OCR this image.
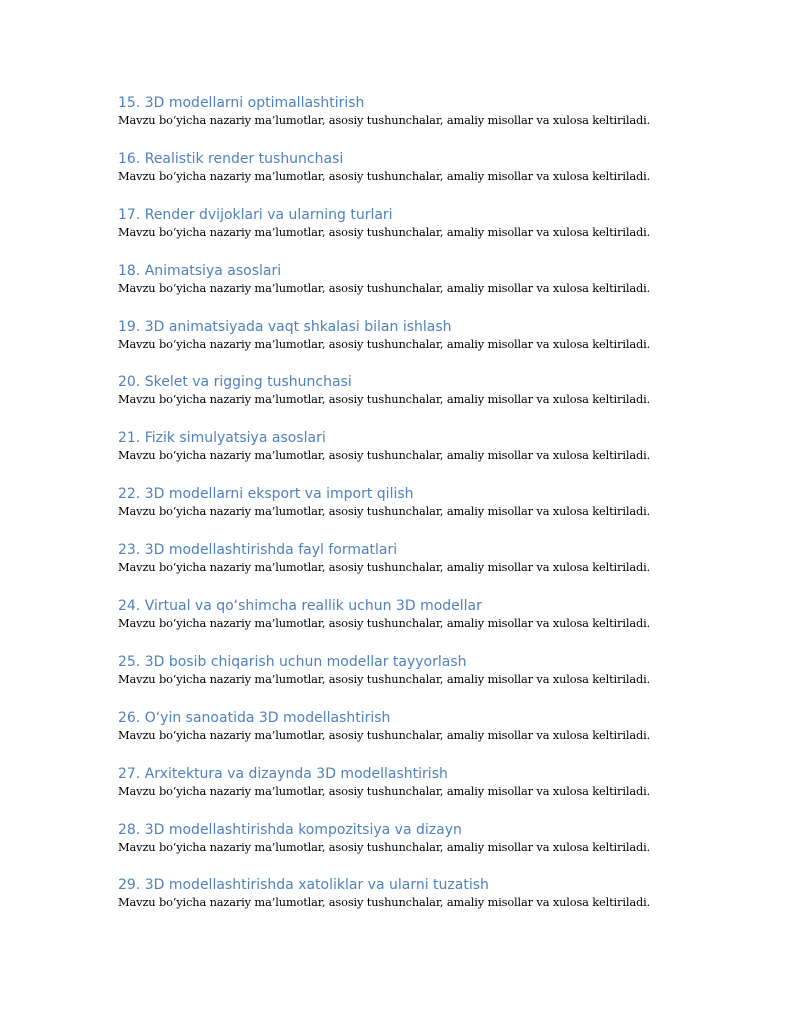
15. 3D modellarni optimallashtirish

Mavzu bo‘yicha nazariy ma’lumotlar, asosiy tushunchalar, amaliy misollar va xulosa keltiriladi.

16. Realistik render tushunchasi

Mavzu bo‘yicha nazariy ma’lumotlar, asosiy tushunchalar, amaliy misollar va xulosa keltiriladi.

17. Render dvijoklari va ularning turlari

Mavzu bo‘yicha nazariy ma’lumotlar, asosiy tushunchalar, amaliy misollar va xulosa keltiriladi.

18. Animatsiya asoslari

Mavzu bo‘yicha nazariy ma’lumotlar, asosiy tushunchalar, amaliy misollar va xulosa keltiriladi.

19. 3D animatsiyada vaqt shkalasi bilan ishlash

Mavzu bo‘yicha nazariy ma’lumotlar, asosiy tushunchalar, amaliy misollar va xulosa keltiriladi.

20. Skelet va rigging tushunchasi

Mavzu bo‘yicha nazariy ma’lumotlar, asosiy tushunchalar, amaliy misollar va xulosa keltiriladi.

21. Fizik simulyatsiya asoslari

Mavzu bo‘yicha nazariy ma’lumotlar, asosiy tushunchalar, amaliy misollar va xulosa keltiriladi.

22. 3D modellarni eksport va import qilish

Mavzu bo‘yicha nazariy ma’lumotlar, asosiy tushunchalar, amaliy misollar va xulosa keltiriladi.

23. 3D modellashtirishda fayl formatlari

Mavzu bo‘yicha nazariy ma’lumotlar, asosiy tushunchalar, amaliy misollar va xulosa keltiriladi.

24. Virtual va qo‘shimcha reallik uchun 3D modellar

Mavzu bo‘yicha nazariy ma’lumotlar, asosiy tushunchalar, amaliy misollar va xulosa keltiriladi.

25. 3D bosib chiqarish uchun modellar tayyorlash

Mavzu bo‘yicha nazariy ma’lumotlar, asosiy tushunchalar, amaliy misollar va xulosa keltiriladi.

26. O‘yin sanoatida 3D modellashtirish

Mavzu bo‘yicha nazariy ma’lumotlar, asosiy tushunchalar, amaliy misollar va xulosa keltiriladi.

27. Arxitektura va dizaynda 3D modellashtirish

Mavzu bo‘yicha nazariy ma’lumotlar, asosiy tushunchalar, amaliy misollar va xulosa keltiriladi.

28. 3D modellashtirishda kompozitsiya va dizayn

Mavzu bo‘yicha nazariy ma’lumotlar, asosiy tushunchalar, amaliy misollar va xulosa keltiriladi.

29. 3D modellashtirishda xatoliklar va ularni tuzatish

Mavzu bo‘yicha nazariy ma’lumotlar, asosiy tushunchalar, amaliy misollar va xulosa keltiriladi.
